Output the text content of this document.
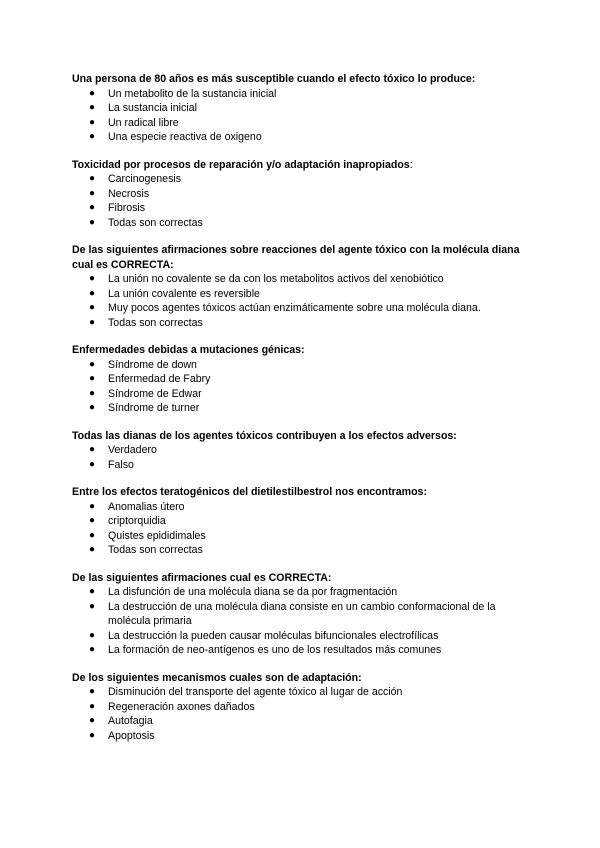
Una persona de 80 años es más susceptible cuando el efecto tóxico lo produce:

● Un metabolito de la sustancia inicial
● La sustancia inicial
● Un radical libre
● Una especie reactiva de oxigeno

Toxicidad por procesos de reparación y/o adaptación inapropiados:

● Carcinogenesis
● Necrosis
● Fibrosis
● Todas son correctas

De las siguientes afirmaciones sobre reacciones del agente tóxico con la molécula diana cual es CORRECTA:

● La unión no covalente se da con los metabolitos activos del xenobiótico
● La unión covalente es reversible
● Muy pocos agentes tóxicos actúan enzimáticamente sobre una molécula diana.
● Todas son correctas

Enfermedades debidas a mutaciones génicas:

● Síndrome de down
● Enfermedad de Fabry
● Síndrome de Edwar
● Síndrome de turner

Todas las dianas de los agentes tóxicos contribuyen a los efectos adversos:

● Verdadero
● Falso

Entre los efectos teratogénicos del dietilestilbestrol nos encontramos:

● Anomalias útero
● criptorquidia
● Quistes epididimales
● Todas son correctas

De las siguientes afirmaciones cual es CORRECTA:

● La disfunción de una molécula diana se da por fragmentación
● La destrucción de una molécula diana consiste en un cambio conformacional de la molécula primaria
● La destrucción la pueden causar moléculas bifuncionales electrofílicas
● La formación de neo-antígenos es uno de los resultados más comunes

De los siguientes mecanismos cuales son de adaptación:

● Disminución del transporte del agente tóxico al lugar de acción
● Regeneración axones dañados
● Autofagia
● Apoptosis
